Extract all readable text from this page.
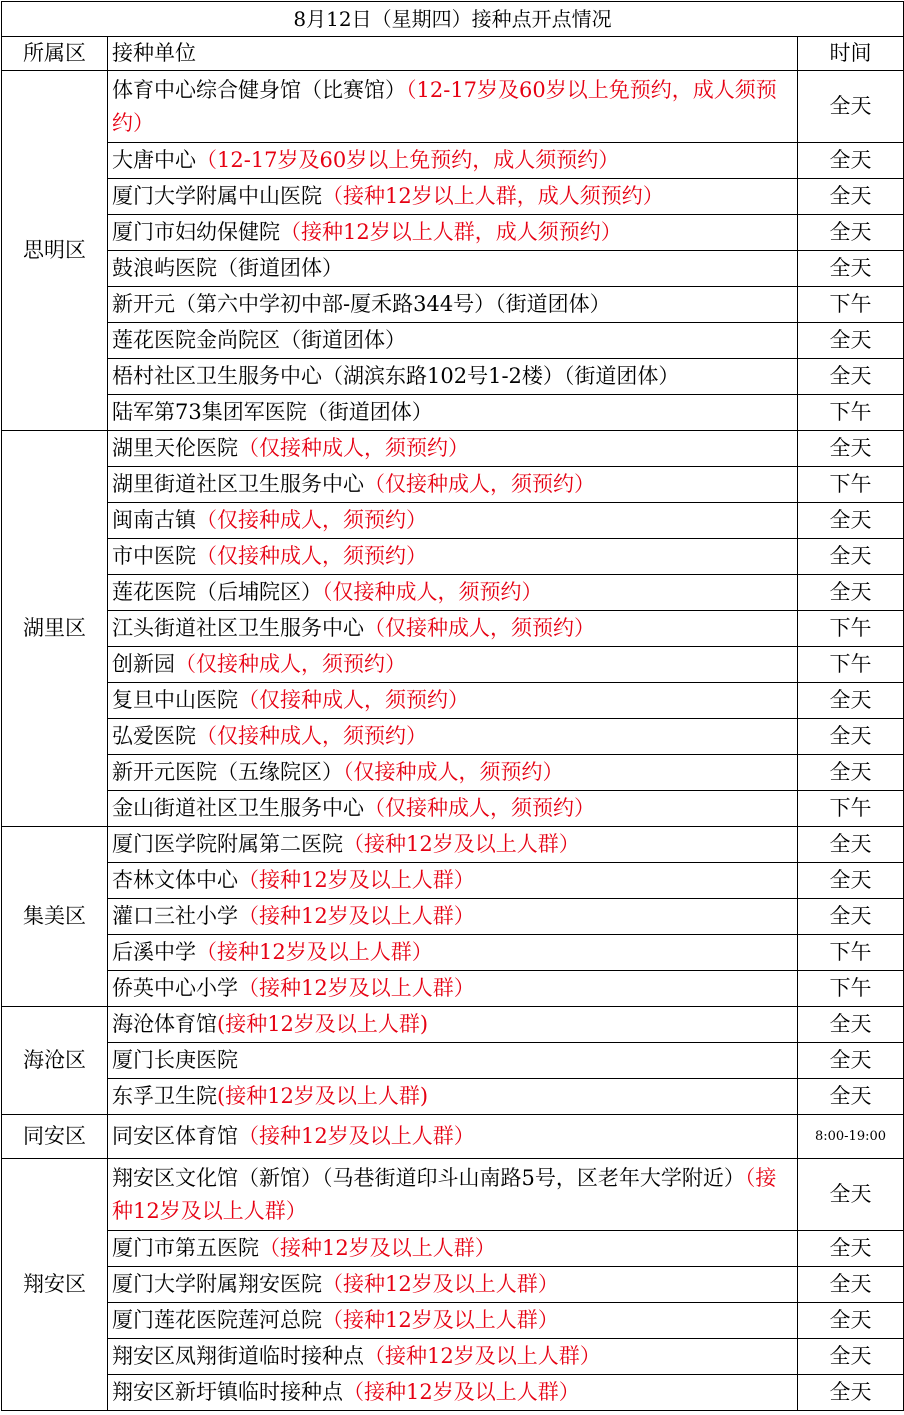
8月12日（星期四）接种点开点情况		
所属区	接种单位	时间
思明区	体育中心综合健身馆（比赛馆）（12-17岁及60岁以上免预约，成人须预约）	全天
	大唐中心（12-17岁及60岁以上免预约，成人须预约）	全天
	厦门大学附属中山医院（接种12岁以上人群，成人须预约）	全天
	厦门市妇幼保健院（接种12岁以上人群，成人须预约）	全天
	鼓浪屿医院（街道团体）	全天
	新开元（第六中学初中部-厦禾路344号）（街道团体）	下午
	莲花医院金尚院区（街道团体）	全天
	梧村社区卫生服务中心（湖滨东路102号1-2楼）（街道团体）	全天
	陆军第73集团军医院（街道团体）	下午
湖里区	湖里天伦医院（仅接种成人，须预约）	全天
	湖里街道社区卫生服务中心（仅接种成人，须预约）	下午
	闽南古镇（仅接种成人，须预约）	全天
	市中医院（仅接种成人，须预约）	全天
	莲花医院（后埔院区）（仅接种成人，须预约）	全天
	江头街道社区卫生服务中心（仅接种成人，须预约）	下午
	创新园（仅接种成人，须预约）	下午
	复旦中山医院（仅接种成人，须预约）	全天
	弘爱医院（仅接种成人，须预约）	全天
	新开元医院（五缘院区）（仅接种成人，须预约）	全天
	金山街道社区卫生服务中心（仅接种成人，须预约）	下午
集美区	厦门医学院附属第二医院（接种12岁及以上人群）	全天
	杏林文体中心（接种12岁及以上人群）	全天
	灌口三社小学（接种12岁及以上人群）	全天
	后溪中学（接种12岁及以上人群）	下午
	侨英中心小学（接种12岁及以上人群）	下午
海沧区	海沧体育馆(接种12岁及以上人群)	全天
	厦门长庚医院	全天
	东孚卫生院(接种12岁及以上人群)	全天
同安区	同安区体育馆（接种12岁及以上人群）	8:00-19:00
翔安区	翔安区文化馆（新馆）（马巷街道印斗山南路5号，区老年大学附近）（接种12岁及以上人群）	全天
	厦门市第五医院（接种12岁及以上人群）	全天
	厦门大学附属翔安医院（接种12岁及以上人群）	全天
	厦门莲花医院莲河总院（接种12岁及以上人群）	全天
	翔安区凤翔街道临时接种点（接种12岁及以上人群）	全天
	翔安区新圩镇临时接种点（接种12岁及以上人群）	全天
